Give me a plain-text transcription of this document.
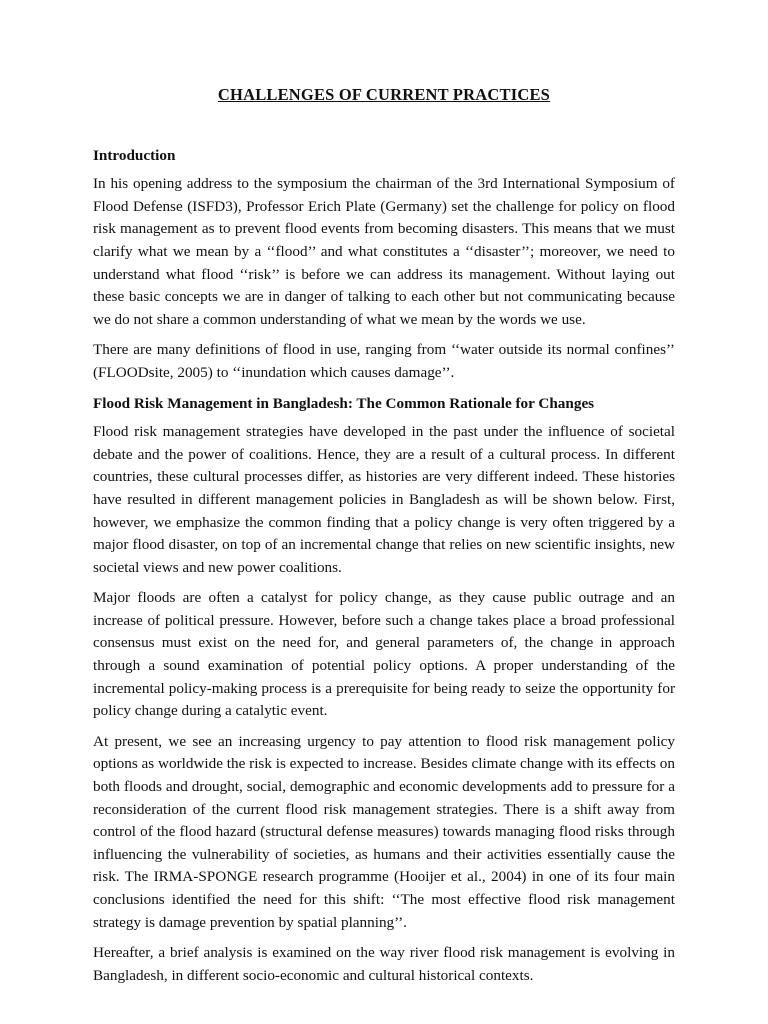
CHALLENGES OF CURRENT PRACTICES
Introduction

In his opening address to the symposium the chairman of the 3rd International Symposium of Flood Defense (ISFD3), Professor Erich Plate (Germany) set the challenge for policy on flood risk management as to prevent flood events from becoming disasters. This means that we must clarify what we mean by a ‘‘flood’’ and what constitutes a ‘‘disaster’’; moreover, we need to understand what flood ‘‘risk’’ is before we can address its management. Without laying out these basic concepts we are in danger of talking to each other but not communicating because we do not share a common understanding of what we mean by the words we use.

There are many definitions of flood in use, ranging from ‘‘water outside its normal confines’’ (FLOODsite, 2005) to ‘‘inundation which causes damage’’.

Flood Risk Management in Bangladesh: The Common Rationale for Changes

Flood risk management strategies have developed in the past under the influence of societal debate and the power of coalitions. Hence, they are a result of a cultural process. In different countries, these cultural processes differ, as histories are very different indeed. These histories have resulted in different management policies in Bangladesh as will be shown below. First, however, we emphasize the common finding that a policy change is very often triggered by a major flood disaster, on top of an incremental change that relies on new scientific insights, new societal views and new power coalitions.

Major floods are often a catalyst for policy change, as they cause public outrage and an increase of political pressure. However, before such a change takes place a broad professional consensus must exist on the need for, and general parameters of, the change in approach through a sound examination of potential policy options. A proper understanding of the incremental policy-making process is a prerequisite for being ready to seize the opportunity for policy change during a catalytic event.

At present, we see an increasing urgency to pay attention to flood risk management policy options as worldwide the risk is expected to increase. Besides climate change with its effects on both floods and drought, social, demographic and economic developments add to pressure for a reconsideration of the current flood risk management strategies. There is a shift away from control of the flood hazard (structural defense measures) towards managing flood risks through influencing the vulnerability of societies, as humans and their activities essentially cause the risk. The IRMA-SPONGE research programme (Hooijer et al., 2004) in one of its four main conclusions identified the need for this shift: ‘‘The most effective flood risk management strategy is damage prevention by spatial planning’’.

Hereafter, a brief analysis is examined on the way river flood risk management is evolving in Bangladesh, in different socio-economic and cultural historical contexts.
